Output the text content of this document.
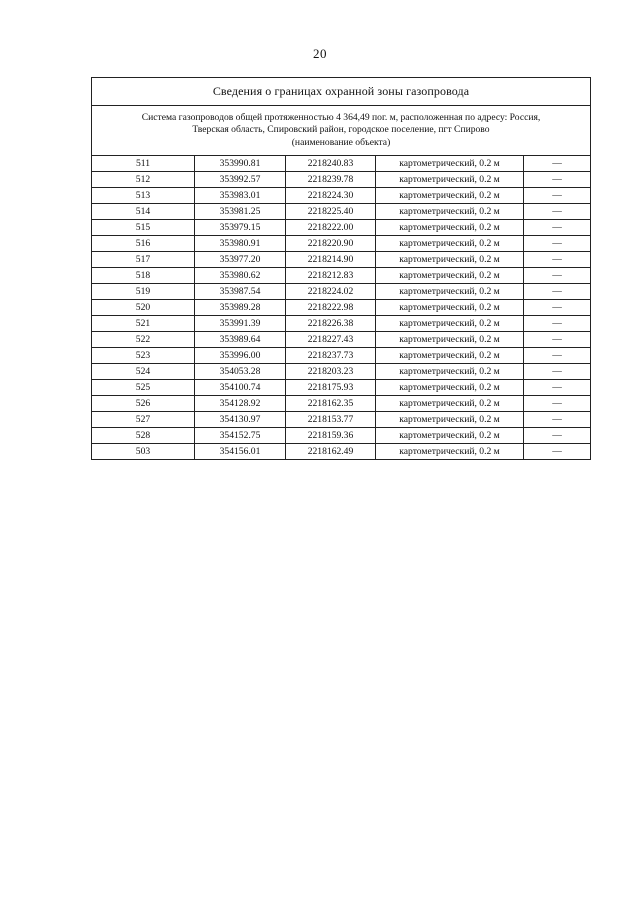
20
Сведения о границах охранной зоны газопровода				

Система газопроводов общей протяженностью 4 364,49 пог. м, расположенная по адресу: Россия,
Тверская область, Спировский район, городское поселение, пгт Спирово
(наименование объекта)				

511	353990.81	2218240.83	картометрический, 0.2 м	—
512	353992.57	2218239.78	картометрический, 0.2 м	—
513	353983.01	2218224.30	картометрический, 0.2 м	—
514	353981.25	2218225.40	картометрический, 0.2 м	—
515	353979.15	2218222.00	картометрический, 0.2 м	—
516	353980.91	2218220.90	картометрический, 0.2 м	—
517	353977.20	2218214.90	картометрический, 0.2 м	—
518	353980.62	2218212.83	картометрический, 0.2 м	—
519	353987.54	2218224.02	картометрический, 0.2 м	—
520	353989.28	2218222.98	картометрический, 0.2 м	—
521	353991.39	2218226.38	картометрический, 0.2 м	—
522	353989.64	2218227.43	картометрический, 0.2 м	—
523	353996.00	2218237.73	картометрический, 0.2 м	—
524	354053.28	2218203.23	картометрический, 0.2 м	—
525	354100.74	2218175.93	картометрический, 0.2 м	—
526	354128.92	2218162.35	картометрический, 0.2 м	—
527	354130.97	2218153.77	картометрический, 0.2 м	—
528	354152.75	2218159.36	картометрический, 0.2 м	—
503	354156.01	2218162.49	картометрический, 0.2 м	—
